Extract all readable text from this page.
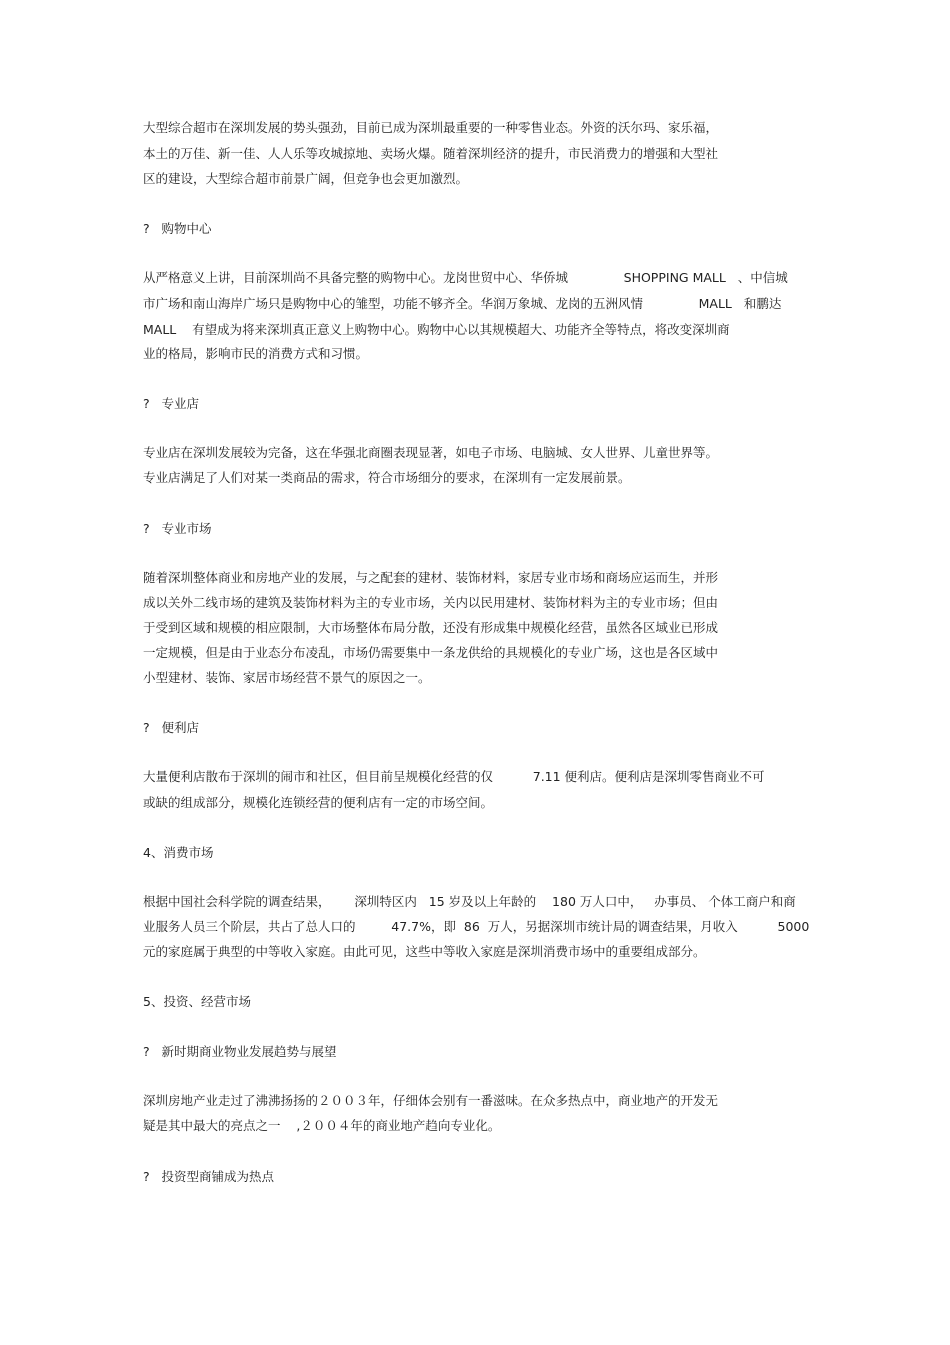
大型综合超市在深圳发展的势头强劲，目前已成为深圳最重要的一种零售业态。外资的沃尔玛、家乐福，
本土的万佳、新一佳、人人乐等攻城掠地、卖场火爆。随着深圳经济的提升，市民消费力的增强和大型社
区的建设，大型综合超市前景广阔，但竞争也会更加激烈。
?   购物中心
从严格意义上讲，目前深圳尚不具备完整的购物中心。龙岗世贸中心、华侨城              SHOPPING MALL   、中信城
市广场和南山海岸广场只是购物中心的雏型，功能不够齐全。华润万象城、龙岗的五洲风情              MALL   和鹏达
MALL    有望成为将来深圳真正意义上购物中心。购物中心以其规模超大、功能齐全等特点，将改变深圳商
业的格局，影响市民的消费方式和习惯。
?   专业店
专业店在深圳发展较为完备，这在华强北商圈表现显著，如电子市场、电脑城、女人世界、儿童世界等。
专业店满足了人们对某一类商品的需求，符合市场细分的要求，在深圳有一定发展前景。
?   专业市场
随着深圳整体商业和房地产业的发展，与之配套的建材、装饰材料，家居专业市场和商场应运而生，并形
成以关外二线市场的建筑及装饰材料为主的专业市场，关内以民用建材、装饰材料为主的专业市场；但由
于受到区域和规模的相应限制，大市场整体布局分散，还没有形成集中规模化经营，虽然各区域业已形成
一定规模，但是由于业态分布凌乱，市场仍需要集中一条龙供给的具规模化的专业广场，这也是各区域中
小型建材、装饰、家居市场经营不景气的原因之一。
?   便利店
大量便利店散布于深圳的闹市和社区，但目前呈规模化经营的仅          7.11 便利店。便利店是深圳零售商业不可
或缺的组成部分，规模化连锁经营的便利店有一定的市场空间。
4、消费市场
根据中国社会科学院的调查结果，      深圳特区内   15 岁及以上年龄的    180 万人口中，   办事员、 个体工商户和商
业服务人员三个阶层，共占了总人口的         47.7%，即  86  万人，另据深圳市统计局的调查结果，月收入          5000
元的家庭属于典型的中等收入家庭。由此可见，这些中等收入家庭是深圳消费市场中的重要组成部分。
5、投资、经营市场
?   新时期商业物业发展趋势与展望
深圳房地产业走过了沸沸扬扬的２００３年，仔细体会别有一番滋味。在众多热点中，商业地产的开发无
疑是其中最大的亮点之一    ,２００４年的商业地产趋向专业化。
?   投资型商铺成为热点
